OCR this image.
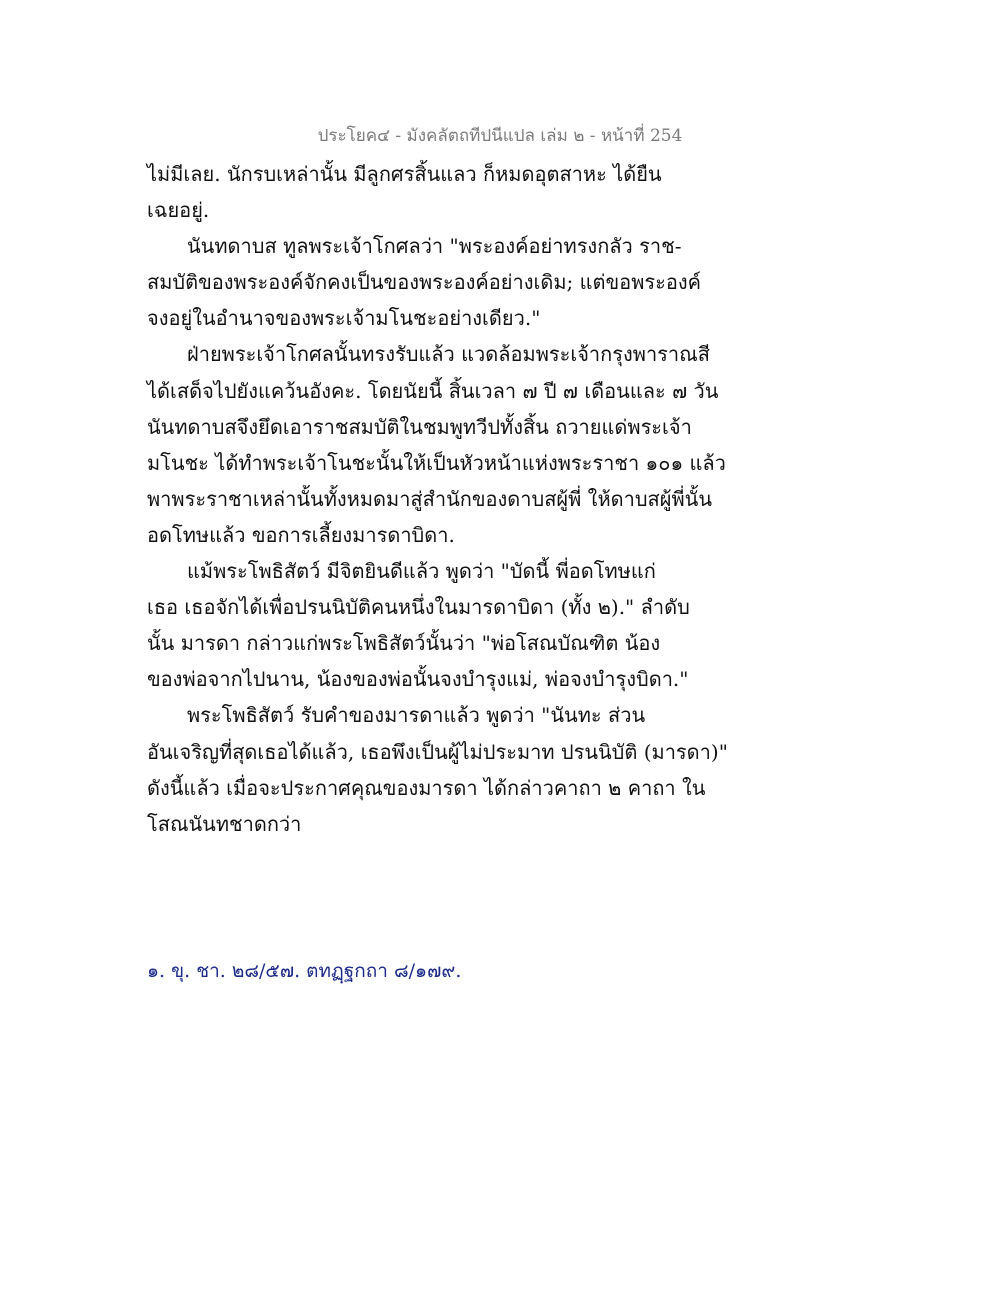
ประโยค๔ - มังคลัตถทีปนีแปล เล่ม ๒ - หน้าที่ 254
ไม่มีเลย. นักรบเหล่านั้น มีลูกศรสิ้นแลว ก็หมดอุตสาหะ ได้ยืน
เฉยอยู่.
นันทดาบส ทูลพระเจ้าโกศลว่า "พระองค์อย่าทรงกลัว ราช-
สมบัติของพระองค์จักคงเป็นของพระองค์อย่างเดิม; แต่ขอพระองค์
จงอยู่ในอำนาจของพระเจ้ามโนชะอย่างเดียว."
ฝ่ายพระเจ้าโกศลนั้นทรงรับแล้ว แวดล้อมพระเจ้ากรุงพาราณสี
ได้เสด็จไปยังแคว้นอังคะ. โดยนัยนี้ สิ้นเวลา ๗ ปี ๗ เดือนและ ๗ วัน
นันทดาบสจึงยึดเอาราชสมบัติในชมพูทวีปทั้งสิ้น ถวายแด่พระเจ้า
มโนชะ ได้ทำพระเจ้าโนชะนั้นให้เป็นหัวหน้าแห่งพระราชา ๑๐๑ แล้ว
พาพระราชาเหล่านั้นทั้งหมดมาสู่สำนักของดาบสผู้พี่ ให้ดาบสผู้พี่นั้น
อดโทษแล้ว ขอการเลี้ยงมารดาบิดา.
แม้พระโพธิสัตว์ มีจิตยินดีแล้ว พูดว่า "บัดนี้ พี่อดโทษแก่
เธอ เธอจักได้เพื่อปรนนิบัติคนหนึ่งในมารดาบิดา (ทั้ง ๒)." ลำดับ
นั้น มารดา กล่าวแก่พระโพธิสัตว์นั้นว่า "พ่อโสณบัณฑิต น้อง
ของพ่อจากไปนาน, น้องของพ่อนั้นจงบำรุงแม่, พ่อจงบำรุงบิดา."
พระโพธิสัตว์ รับคำของมารดาแล้ว พูดว่า "นันทะ ส่วน
อันเจริญที่สุดเธอได้แล้ว, เธอพึงเป็นผู้ไม่ประมาท ปรนนิบัติ (มารดา)"
ดังนี้แล้ว เมื่อจะประกาศคุณของมารดา ได้กล่าวคาถา ๒ คาถา ใน
โสณนันทชาดกว่า
๑. ขุ. ชา. ๒๘/๕๗. ตทฏฺฐกถา ๘/๑๗๙.
